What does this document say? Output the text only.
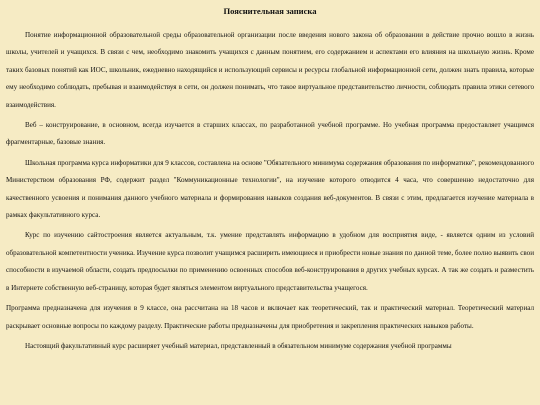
Пояснительная записка

Понятие информационной образовательной среды образовательной организации после введения нового закона об образовании в действие прочно вошло в жизнь школы, учителей и учащихся. В связи с чем, необходимо знакомить учащихся с данным понятием, его содержанием и аспектами его влияния на школьную жизнь. Кроме таких базовых понятий как ИОС, школьник, ежедневно находящийся и использующий сервисы и ресурсы глобальной информационной сети, должен знать правила, которые ему необходимо соблюдать, пребывая и взаимодействуя в сети, он должен понимать, что такое виртуальное представительство личности, соблюдать правила этики сетевого взаимодействия.

Веб – конструирование, в основном, всегда изучается в старших классах, по разработанной учебной программе. Но учебная программа предоставляет учащимся фрагментарные, базовые знания.

Школьная программа курса информатики для 9 классов, составлена на основе "Обязательного минимума содержания образования по информатике", рекомендованного Министерством образования РФ, содержит раздел "Коммуникационные технологии", на изучение которого отводится 4 часа, что совершенно недостаточно для качественного усвоения и понимания данного учебного материала и формирования навыков создания веб-документов. В связи с этим, предлагается изучение материала в рамках факультативного курса.

Курс по изучению сайтостроения является актуальным, т.к. умение представлять информацию в удобном для восприятия виде, - является одним из условий образовательной компетентности ученика. Изучение курса позволит учащимся расширить имеющиеся и приобрести новые знания по данной теме, более полно выявить свои способности в изучаемой области, создать предпосылки по применению освоенных способов веб-конструирования в других учебных курсах. А так же создать и разместить в Интернете собственную веб-страницу, которая будет являться элементом виртуального представительства учащегося.

Программа предназначена для изучения в 9 классе, она рассчитана на 18 часов и включает как теоретический, так и практический материал. Теоретический материал раскрывает основные вопросы по каждому разделу. Практические работы предназначены для приобретения и закрепления практических навыков работы.

Настоящий факультативный курс расширяет учебный материал, представленный в обязательном минимуме содержания учебной программы
